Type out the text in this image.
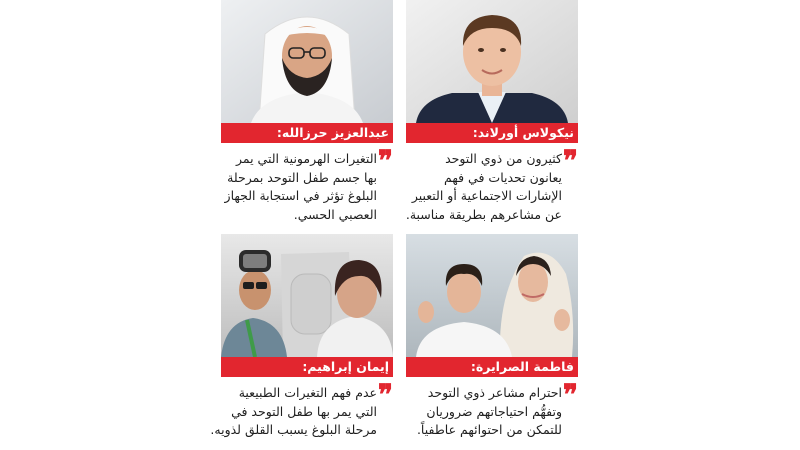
نيكولاس أورلاند:
❞
كثيرون من ذوي التوحد
يعانون تحديات في فهم
الإشارات الاجتماعية أو التعبير
عن مشاعرهم بطريقة مناسبة.
عبدالعزيز حرزالله:
❞
التغيرات الهرمونية التي يمر
بها جسم طفل التوحد بمرحلة
البلوغ تؤثر في استجابة الجهاز
العصبي الحسي.
فاطمة الصرايرة:
❞
احترام مشاعر ذوي التوحد
وتفهُّم احتياجاتهم ضروريان
للتمكن من احتوائهم عاطفياً.
إيمان إبراهيم:
❞
عدم فهم التغيرات الطبيعية
التي يمر بها طفل التوحد في
مرحلة البلوغ يسبب القلق لذويه.
